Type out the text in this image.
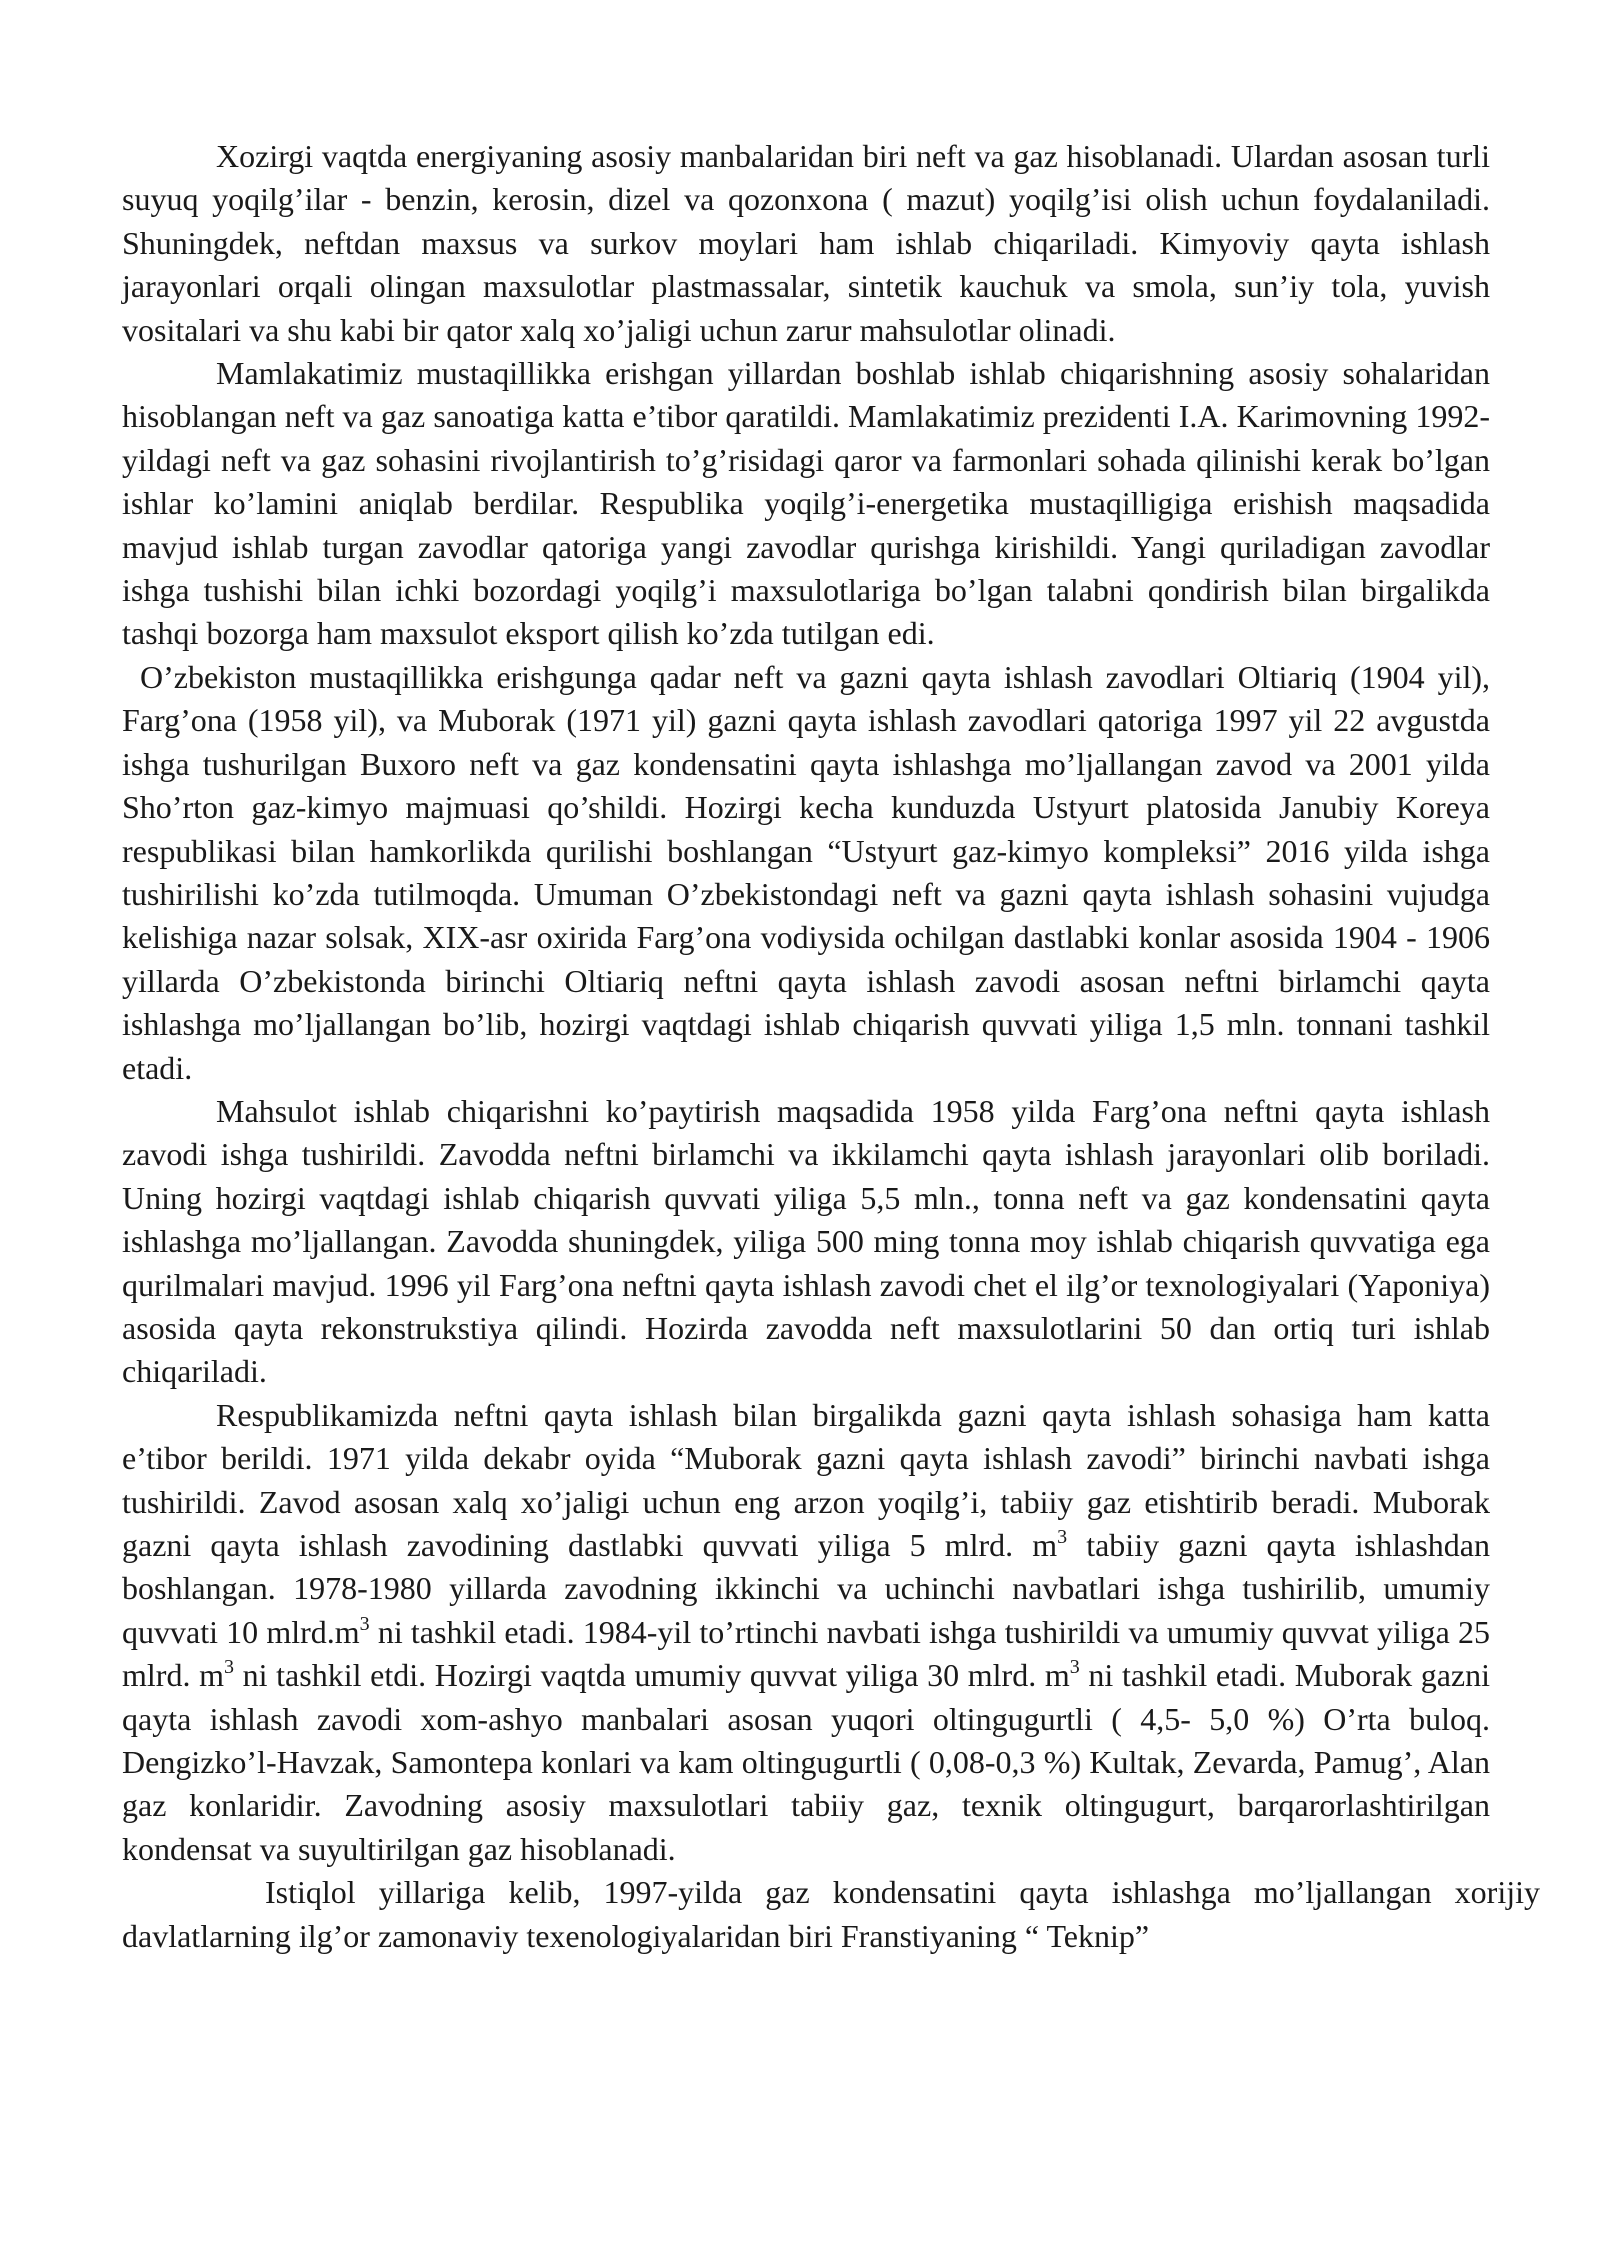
Xozirgi vaqtda energiyaning asosiy manbalaridan biri neft va gaz hisoblanadi. Ulardan asosan turli suyuq yoqilg’ilar - benzin, kerosin, dizel va qozonxona ( mazut) yoqilg’isi olish uchun foydalaniladi. Shuningdek, neftdan maxsus va surkov moylari ham ishlab chiqariladi. Kimyoviy qayta ishlash jarayonlari orqali olingan maxsulotlar plastmassalar, sintetik kauchuk va smola, sun’iy tola, yuvish vositalari va shu kabi bir qator xalq xo’jaligi uchun zarur mahsulotlar olinadi.

Mamlakatimiz mustaqillikka erishgan yillardan boshlab ishlab chiqarishning asosiy sohalaridan hisoblangan neft va gaz sanoatiga katta e’tibor qaratildi. Mamlakatimiz prezidenti I.A. Karimovning 1992-yildagi neft va gaz sohasini rivojlantirish to’g’risidagi qaror va farmonlari sohada qilinishi kerak bo’lgan ishlar ko’lamini aniqlab berdilar. Respublika yoqilg’i-energetika mustaqilligiga erishish maqsadida mavjud ishlab turgan zavodlar qatoriga yangi zavodlar qurishga kirishildi. Yangi quriladigan zavodlar ishga tushishi bilan ichki bozordagi yoqilg’i maxsulotlariga bo’lgan talabni qondirish bilan birgalikda tashqi bozorga ham maxsulot eksport qilish ko’zda tutilgan edi.

O’zbekiston mustaqillikka erishgunga qadar neft va gazni qayta ishlash zavodlari Oltiariq (1904 yil), Farg’ona (1958 yil), va Muborak (1971 yil) gazni qayta ishlash zavodlari qatoriga 1997 yil 22 avgustda ishga tushurilgan Buxoro neft va gaz kondensatini qayta ishlashga mo’ljallangan zavod va 2001 yilda Sho’rton gaz-kimyo majmuasi qo’shildi. Hozirgi kecha kunduzda Ustyurt platosida Janubiy Koreya respublikasi bilan hamkorlikda qurilishi boshlangan “Ustyurt gaz-kimyo kompleksi” 2016 yilda ishga tushirilishi ko’zda tutilmoqda. Umuman O’zbekistondagi neft va gazni qayta ishlash sohasini vujudga kelishiga nazar solsak, XIX-asr oxirida Farg’ona vodiysida ochilgan dastlabki konlar asosida 1904 - 1906 yillarda O’zbekistonda birinchi Oltiariq neftni qayta ishlash zavodi asosan neftni birlamchi qayta ishlashga mo’ljallangan bo’lib, hozirgi vaqtdagi ishlab chiqarish quvvati yiliga 1,5 mln. tonnani tashkil etadi.

Mahsulot ishlab chiqarishni ko’paytirish maqsadida 1958 yilda Farg’ona neftni qayta ishlash zavodi ishga tushirildi. Zavodda neftni birlamchi va ikkilamchi qayta ishlash jarayonlari olib boriladi. Uning hozirgi vaqtdagi ishlab chiqarish quvvati yiliga 5,5 mln., tonna neft va gaz kondensatini qayta ishlashga mo’ljallangan. Zavodda shuningdek, yiliga 500 ming tonna moy ishlab chiqarish quvvatiga ega qurilmalari mavjud. 1996 yil Farg’ona neftni qayta ishlash zavodi chet el ilg’or texnologiyalari (Yaponiya) asosida qayta rekonstrukstiya qilindi. Hozirda zavodda neft maxsulotlarini 50 dan ortiq turi ishlab chiqariladi.

Respublikamizda neftni qayta ishlash bilan birgalikda gazni qayta ishlash sohasiga ham katta e’tibor berildi. 1971 yilda dekabr oyida “Muborak gazni qayta ishlash zavodi” birinchi navbati ishga tushirildi. Zavod asosan xalq xo’jaligi uchun eng arzon yoqilg’i, tabiiy gaz etishtirib beradi. Muborak gazni qayta ishlash zavodining dastlabki quvvati yiliga 5 mlrd. $m^3$ tabiiy gazni qayta ishlashdan boshlangan. 1978-1980 yillarda zavodning ikkinchi va uchinchi navbatlari ishga tushirilib, umumiy quvvati 10 $mlrd.m^3$ ni tashkil etadi. 1984-yil to’rtinchi navbati ishga tushirildi va umumiy quvvat yiliga 25 mlrd. $m^3$ ni tashkil etdi. Hozirgi vaqtda umumiy quvvat yiliga 30 mlrd. $m^3$ ni tashkil etadi. Muborak gazni qayta ishlash zavodi xom-ashyo manbalari asosan yuqori oltingugurtli ( 4,5- 5,0 %) O’rta buloq. Dengizko’l-Havzak, Samontepa konlari va kam oltingugurtli ( 0,08-0,3 %) Kultak, Zevarda, Pamug’, Alan gaz konlaridir. Zavodning asosiy maxsulotlari tabiiy gaz, texnik oltingugurt, barqarorlashtirilgan kondensat va suyultirilgan gaz hisoblanadi.

Istiqlol yillariga kelib, 1997-yilda gaz kondensatini qayta ishlashga mo’ljallangan xorijiy davlatlarning ilg’or zamonaviy texenologiyalaridan biri Franstiyaning “ Teknip”
